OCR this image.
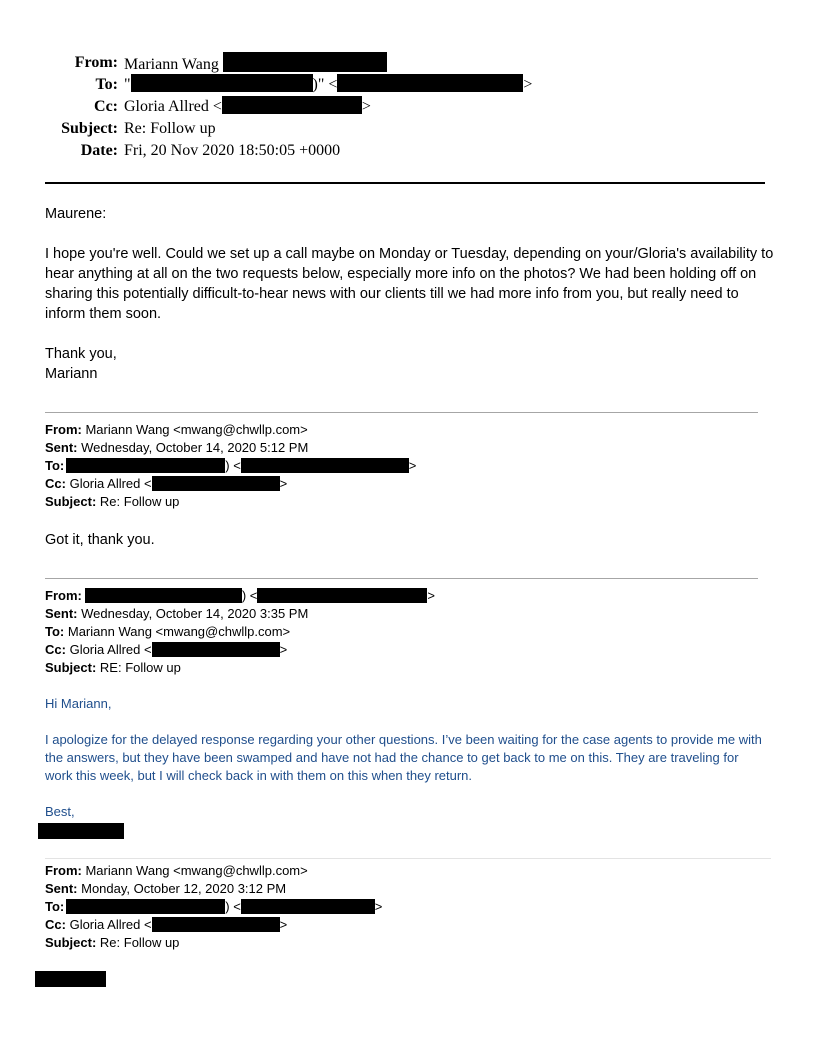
From: Mariann Wang
To: "	)" <	>
Cc: Gloria Allred <	>
Subject: Re: Follow up
Date: Fri, 20 Nov 2020 18:50:05 +0000
Maurene:
I hope you're well. Could we set up a call maybe on Monday or Tuesday, depending on your/Gloria's availability to hear anything at all on the two requests below, especially more info on the photos? We had been holding off on sharing this potentially difficult-to-hear news with our clients till we had more info from you, but really need to inform them soon.
Thank you,
Mariann
From: Mariann Wang <mwang@chwllp.com>
Sent: Wednesday, October 14, 2020 5:12 PM
To:	) <	>
Cc: Gloria Allred <	>
Subject: Re: Follow up
Got it, thank you.
From:	) <	>
Sent: Wednesday, October 14, 2020 3:35 PM
To: Mariann Wang <mwang@chwllp.com>
Cc: Gloria Allred <	>
Subject: RE: Follow up
Hi Mariann,
I apologize for the delayed response regarding your other questions. I’ve been waiting for the case agents to provide me with the answers, but they have been swamped and have not had the chance to get back to me on this. They are traveling for work this week, but I will check back in with them on this when they return.
Best,
From: Mariann Wang <mwang@chwllp.com>
Sent: Monday, October 12, 2020 3:12 PM
To:	) <	>
Cc: Gloria Allred <	>
Subject: Re: Follow up
